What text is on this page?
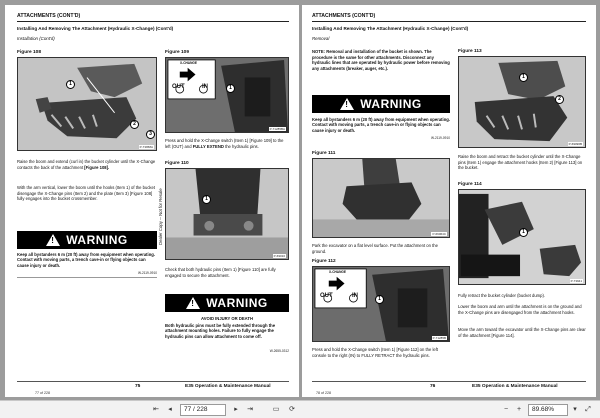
ATTACHMENTS (CONT'D)
Installing And Removing The Attachment (Hydraulic X-Change) (Cont'd)
Installation (Cont'd)
Figure 108
1
2
3
P-73958A
Raise the boom and extend (curl in) the bucket cylinder until the X-Change contacts the back of the attachment [Figure 108].
With the arm vertical, lower the boom until the hooks (Item 1) of the bucket disengage the X-Change pins (Item 2) and the plate (Item 3) [Figure 108] fully engages into the bucket crossmember.
! WARNING
Keep all bystanders 6 m (20 ft) away from equipment when operating. Contact with moving parts, a trench cave-in or flying objects can cause injury or death.
W-2119-0910
Figure 109
X-CHANGE
OUT	IN	1
P-71285BA
Press and hold the X-Change switch (Item 1) [Figure 109] to the left (OUT) and FULLY EXTEND the hydraulic pins.
Figure 110
1
P-69010
Check that both hydraulic pins (Item 1) [Figure 110] are fully engaged to secure the attachment.
! WARNING
AVOID INJURY OR DEATH
Both hydraulic pins must be fully extended through the attachment mounting holes. Failure to fully engage the hydraulic pins can allow attachment to come off.
W-2655-0312
Dealer Copy -- Not for Resale
75	E35 Operation & Maintenance Manual
77 of 228
ATTACHMENTS (CONT'D)
Installing And Removing The Attachment (Hydraulic X-Change) (Cont'd)
Removal
NOTE: Removal and installation of the bucket is shown. The procedure is the same for other attachments. Disconnect any hydraulic lines that are operated by hydraulic power before removing any attachments (breaker, auger, etc.).
! WARNING
Keep all bystanders 6 m (20 ft) away from equipment when operating. Contact with moving parts, a trench cave-in or flying objects can cause injury or death.
W-2119-0910
Figure 111
P-69064C
Park the excavator on a flat level surface. Put the attachment on the ground.
Figure 112
X-CHANGE
OUT	IN	1
P-71285B
Press and hold the X-Change switch (Item 1) [Figure 112] on the left console to the right (IN) to FULLY RETRACT the hydraulic pins.
Figure 113
1
2
P-69096B
Raise the boom and retract the bucket cylinder until the X-Change pins (Item 1) engage the attachment hooks (Item 2) [Figure 113] on the bucket.
Figure 114
1
P-73941
Fully retract the bucket cylinder (bucket dump).
Lower the boom and arm until the attachment is on the ground and the X-Change pins are disengaged from the attachment hooks.
Move the arm toward the excavator until the X-Change pins are clear of the attachment [Figure 114].
76	E35 Operation & Maintenance Manual
78 of 228
⇤	◂	77 / 228	▸	⇥	▭	⟳	−	+	89.68%	▾	⤢
